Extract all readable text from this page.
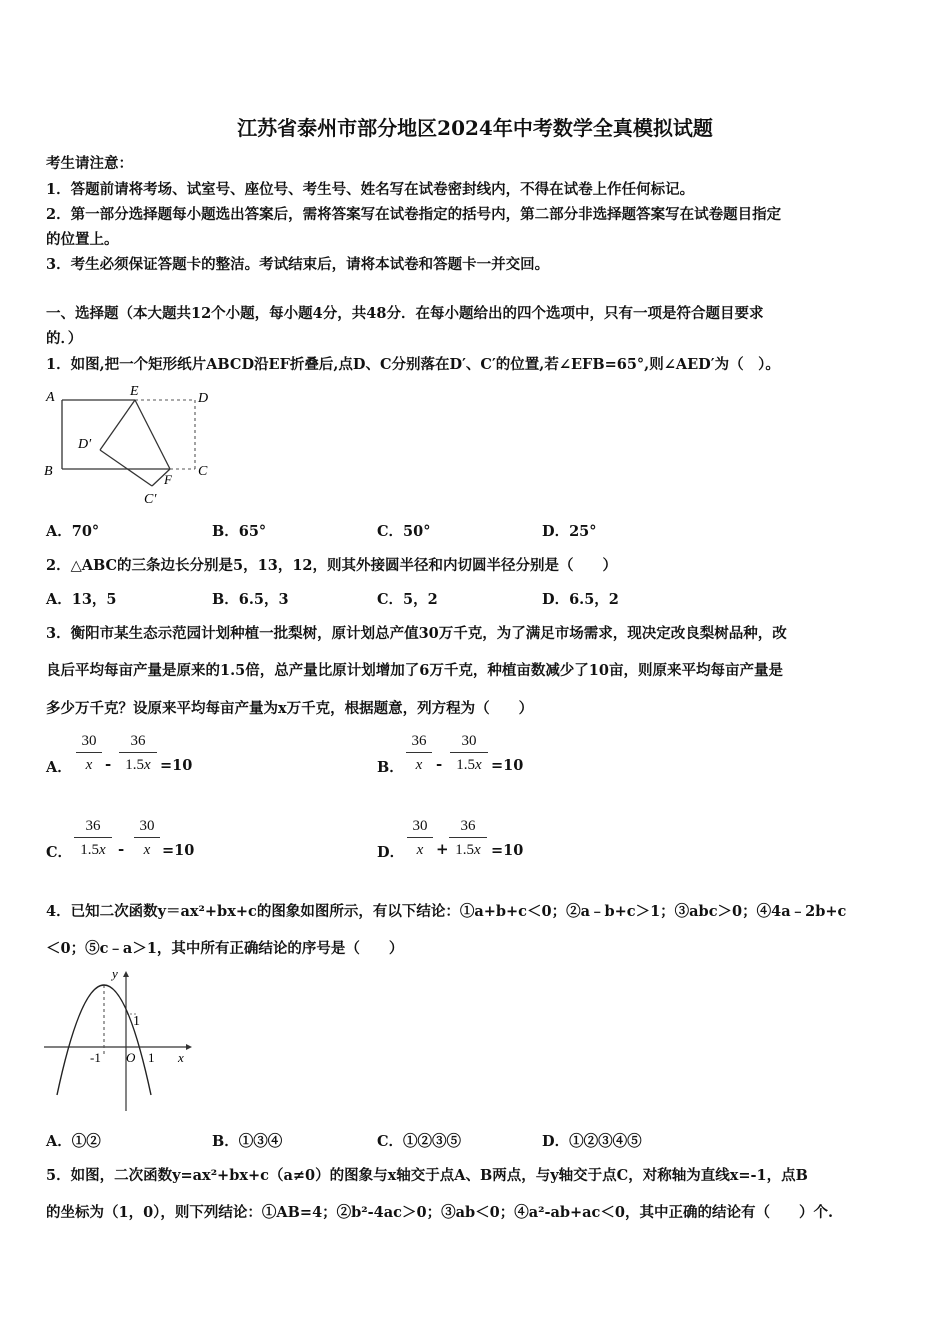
江苏省泰州市部分地区2024年中考数学全真模拟试题
考生请注意：
1．答题前请将考场、试室号、座位号、考生号、姓名写在试卷密封线内，不得在试卷上作任何标记。
2．第一部分选择题每小题选出答案后，需将答案写在试卷指定的括号内，第二部分非选择题答案写在试卷题目指定
的位置上。
3．考生必须保证答题卡的整洁。考试结束后，请将本试卷和答题卡一并交回。
一、选择题（本大题共12个小题，每小题4分，共48分．在每小题给出的四个选项中，只有一项是符合题目要求
的．）
1．如图,把一个矩形纸片ABCD沿EF折叠后,点D、C分别落在D′、C′的位置,若∠EFB=65°,则∠AED′为（　）。
A
B	C
D
E
F
D′
C′
A．70°	B．65°	C．50°	D．25°
2．△ABC的三条边长分别是5，13，12，则其外接圆半径和内切圆半径分别是（　　）
A．13，5	B．6.5，3	C．5，2	D．6.5，2
3．衡阳市某生态示范园计划种植一批梨树，原计划总产值30万千克，为了满足市场需求，现决定改良梨树品种，改
良后平均每亩产量是原来的1.5倍，总产量比原计划增加了6万千克，种植亩数减少了10亩，则原来平均每亩产量是
多少万千克？设原来平均每亩产量为x万千克，根据题意，列方程为（　　）
A． $\frac{30}{x} - \frac{36}{1.5x} =10$	B． $\frac{36}{x} - \frac{30}{1.5x} =10$
C． $\frac{36}{1.5x} - \frac{30}{x} =10$	D． $\frac{30}{x} + \frac{36}{1.5x} =10$
4．已知二次函数y＝ax²+bx+c的图象如图所示，有以下结论：①a+b+c＜0；②a﹣b+c＞1；③abc＞0；④4a﹣2b+c
＜0；⑤c﹣a＞1，其中所有正确结论的序号是（　　）
y
x
1
-1 O 1
A．①②	B．①③④	C．①②③⑤	D．①②③④⑤
5．如图，二次函数y=ax²+bx+c（a≠0）的图象与x轴交于点A、B两点，与y轴交于点C，对称轴为直线x=-1，点B
的坐标为（1，0），则下列结论：①AB=4；②b²-4ac＞0；③ab＜0；④a²-ab+ac＜0，其中正确的结论有（　　）个.
